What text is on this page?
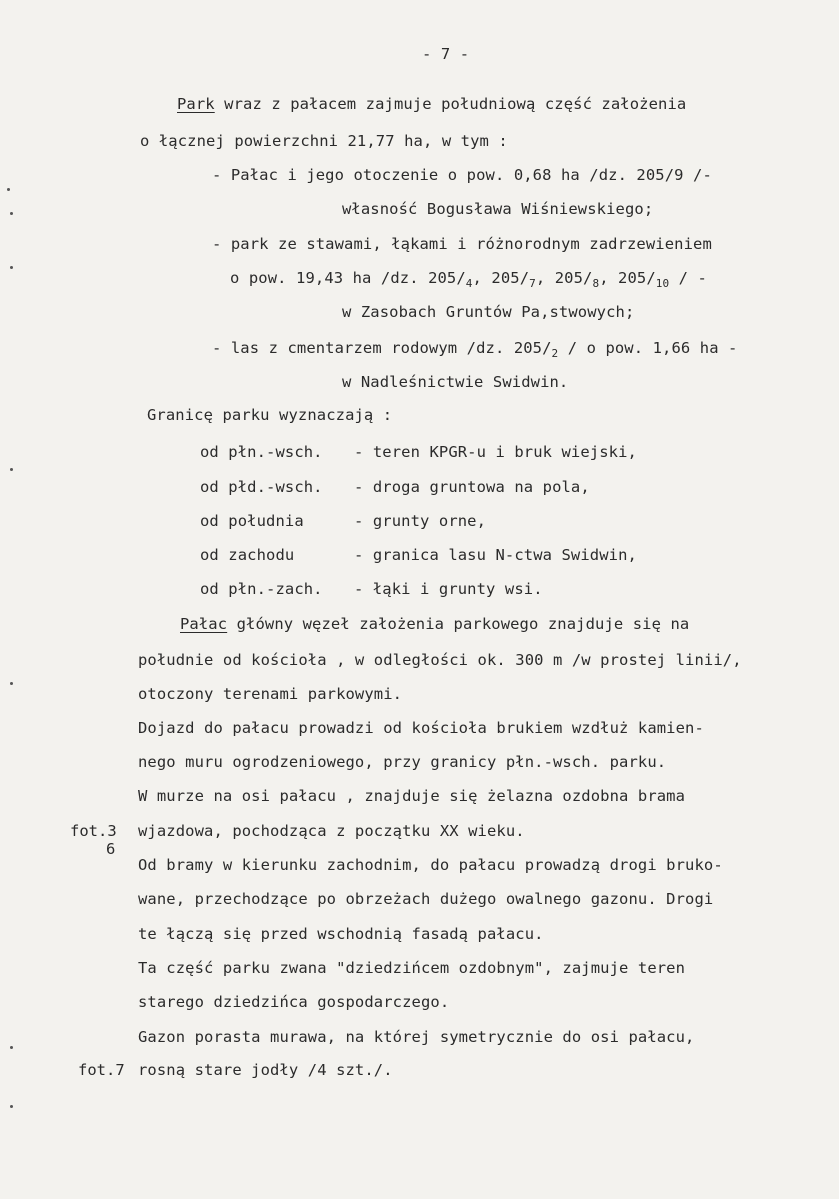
- 7 -
Park wraz z pałacem zajmuje południową część założenia
o łącznej powierzchni 21,77 ha, w tym :
- Pałac i jego otoczenie o pow. 0,68 ha /dz. 205/9 /-
własność Bogusława Wiśniewskiego;
- park ze stawami, łąkami i różnorodnym zadrzewieniem
o pow. 19,43 ha /dz. $205/_4$, $205/_7$, $205/_8$, $205/_{10}$ / -
w Zasobach Gruntów Pa,stwowych;
- las z cmentarzem rodowym /dz. $205/_2$ / o pow. 1,66 ha -
w Nadleśnictwie Swidwin.
Granicę parku wyznaczają :
od płn.-wsch. - teren KPGR-u i bruk wiejski,
od płd.-wsch. - droga gruntowa na pola,
od południa	- grunty orne,
od zachodu	- granica lasu N-ctwa Swidwin,
od płn.-zach. - łąki i grunty wsi.
Pałac główny węzeł założenia parkowego znajduje się na
południe od kościoła , w odległości ok. 300 m /w prostej linii/,
otoczony terenami parkowymi.
Dojazd do pałacu prowadzi od kościoła brukiem wzdłuż kamien-
nego muru ogrodzeniowego, przy granicy płn.-wsch. parku.
W murze na osi pałacu , znajduje się żelazna ozdobna brama
wjazdowa, pochodząca z początku XX wieku.
Od bramy w kierunku zachodnim, do pałacu prowadzą drogi bruko-
wane, przechodzące po obrzeżach dużego owalnego gazonu. Drogi
te łączą się przed wschodnią fasadą pałacu.
Ta część parku zwana "dziedzińcem ozdobnym", zajmuje teren
starego dziedzińca gospodarczego.
Gazon porasta murawa, na której symetrycznie do osi pałacu,
rosną stare jodły /4 szt./.
fot.3
6
fot.7
